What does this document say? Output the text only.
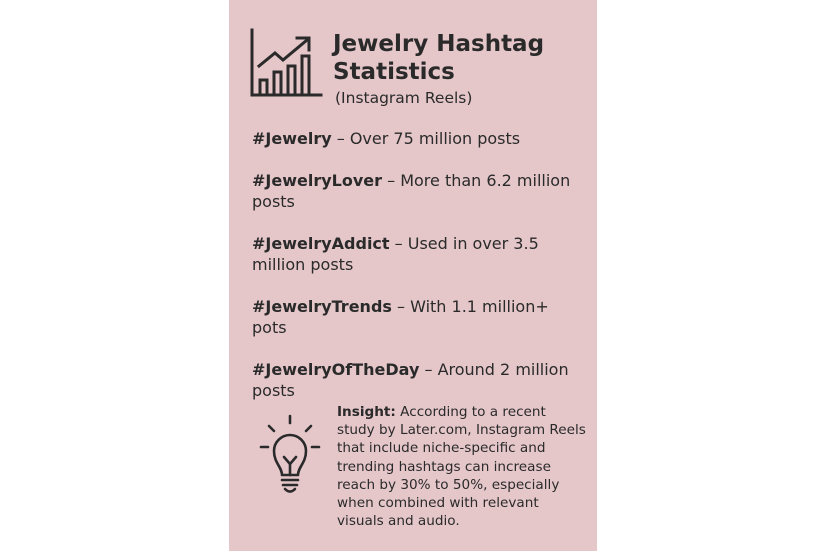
Jewelry Hashtag Statistics
(Instagram Reels)
#Jewelry – Over 75 million posts
#JewelryLover – More than 6.2 million posts
#JewelryAddict – Used in over 3.5 million posts
#JewelryTrends – With 1.1 million+ pots
#JewelryOfTheDay – Around 2 million posts

Insight: According to a recent study by Later.com, Instagram Reels that include niche-specific and trending hashtags can increase reach by 30% to 50%, especially when combined with relevant visuals and audio.
